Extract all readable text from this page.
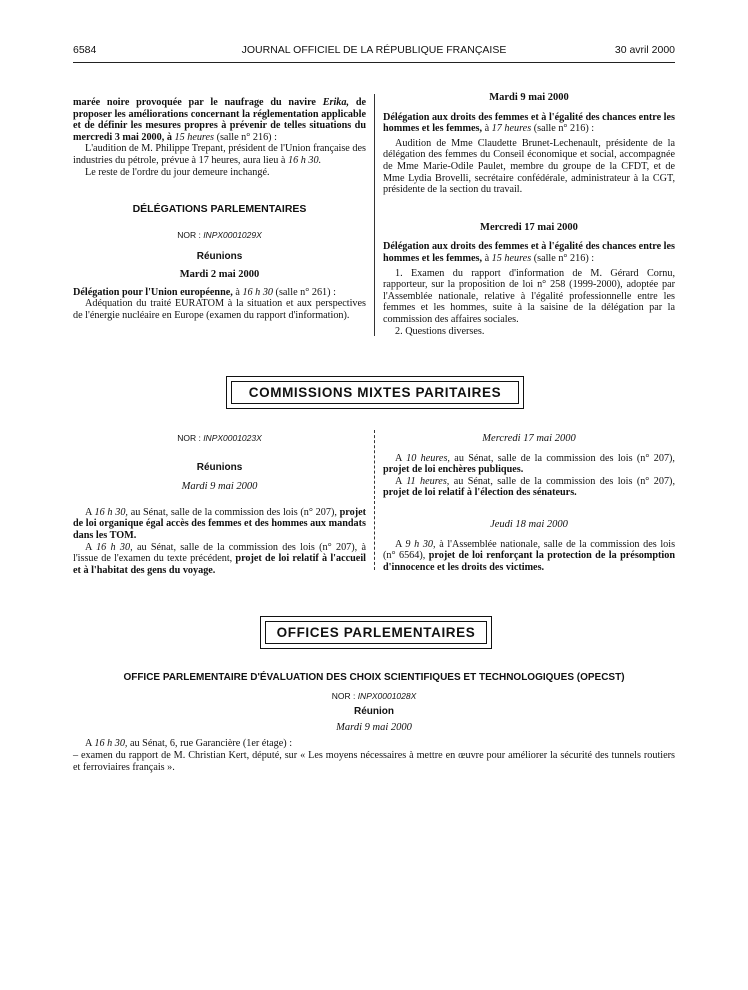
6584	JOURNAL OFFICIEL DE LA RÉPUBLIQUE FRANÇAISE	30 avril 2000

marée noire provoquée par le naufrage du navire Erika, de proposer les améliorations concernant la réglementation applicable et de définir les mesures propres à prévenir de telles situations du mercredi 3 mai 2000, à 15 heures (salle n° 216) :

L'audition de M. Philippe Trepant, président de l'Union française des industries du pétrole, prévue à 17 heures, aura lieu à 16 h 30.

Le reste de l'ordre du jour demeure inchangé.

DÉLÉGATIONS PARLEMENTAIRES
NOR : INPX0001029X
Réunions
Mardi 2 mai 2000

Délégation pour l'Union européenne, à 16 h 30 (salle n° 261) :

Adéquation du traité EURATOM à la situation et aux perspectives de l'énergie nucléaire en Europe (examen du rapport d'information).

Mardi 9 mai 2000

Délégation aux droits des femmes et à l'égalité des chances entre les hommes et les femmes, à 17 heures (salle n° 216) :

Audition de Mme Claudette Brunet-Lechenault, présidente de la délégation des femmes du Conseil économique et social, accompagnée de Mme Marie-Odile Paulet, membre du groupe de la CFDT, et de Mme Lydia Brovelli, secrétaire confédérale, administrateur à la CGT, présidente de la section du travail.

Mercredi 17 mai 2000

Délégation aux droits des femmes et à l'égalité des chances entre les hommes et les femmes, à 15 heures (salle n° 216) :

1. Examen du rapport d'information de M. Gérard Cornu, rapporteur, sur la proposition de loi n° 258 (1999-2000), adoptée par l'Assemblée nationale, relative à l'égalité professionnelle entre les femmes et les hommes, suite à la saisine de la délégation par la commission des affaires sociales.

2. Questions diverses.

COMMISSIONS MIXTES PARITAIRES
NOR : INPX0001023X
Réunions
Mardi 9 mai 2000

A 16 h 30, au Sénat, salle de la commission des lois (n° 207), projet de loi organique égal accès des femmes et des hommes aux mandats dans les TOM.

A 16 h 30, au Sénat, salle de la commission des lois (n° 207), à l'issue de l'examen du texte précédent, projet de loi relatif à l'accueil et à l'habitat des gens du voyage.

Mercredi 17 mai 2000

A 10 heures, au Sénat, salle de la commission des lois (n° 207), projet de loi enchères publiques.

A 11 heures, au Sénat, salle de la commission des lois (n° 207), projet de loi relatif à l'élection des sénateurs.

Jeudi 18 mai 2000

A 9 h 30, à l'Assemblée nationale, salle de la commission des lois (n° 6564), projet de loi renforçant la protection de la présomption d'innocence et les droits des victimes.

OFFICES PARLEMENTAIRES
OFFICE PARLEMENTAIRE D'ÉVALUATION DES CHOIX SCIENTIFIQUES ET TECHNOLOGIQUES (OPECST)
NOR : INPX0001028X
Réunion
Mardi 9 mai 2000

A 16 h 30, au Sénat, 6, rue Garancière (1er étage) :

– examen du rapport de M. Christian Kert, député, sur « Les moyens nécessaires à mettre en œuvre pour améliorer la sécurité des tunnels routiers et ferroviaires français ».
